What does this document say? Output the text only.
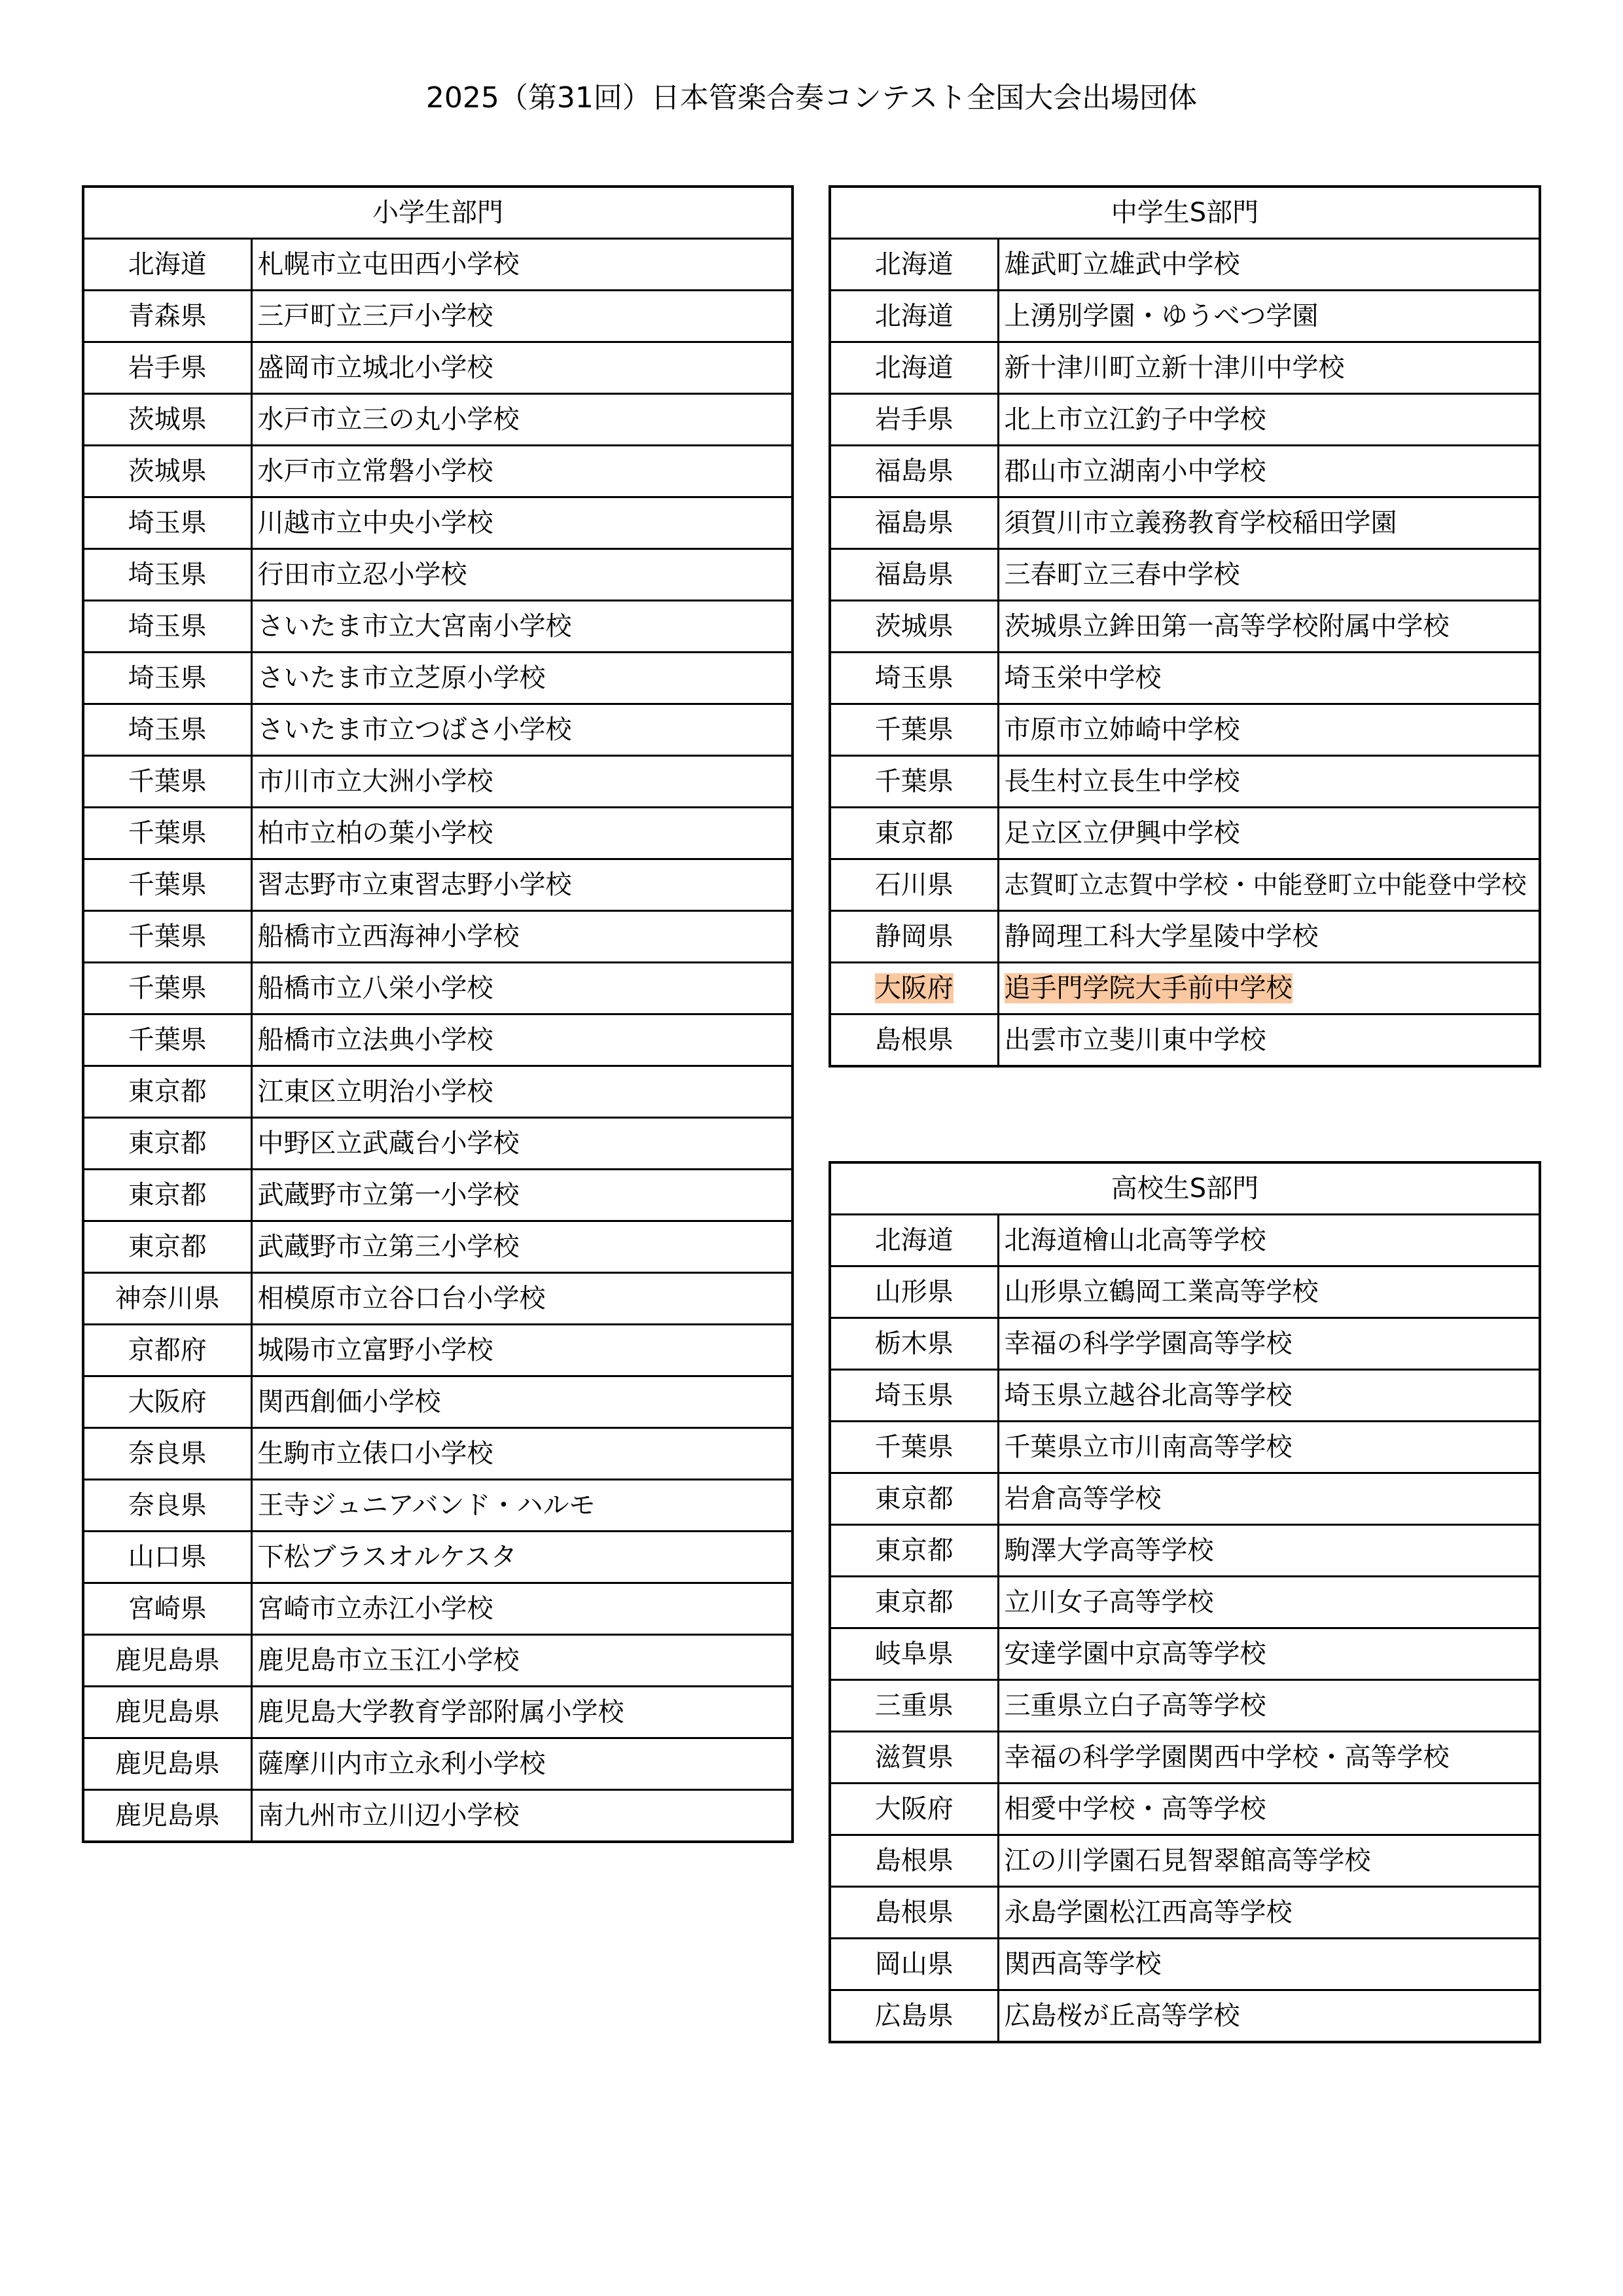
2025（第31回）日本管楽合奏コンテスト全国大会出場団体
小学生部門	
北海道	札幌市立屯田西小学校
青森県	三戸町立三戸小学校
岩手県	盛岡市立城北小学校
茨城県	水戸市立三の丸小学校
茨城県	水戸市立常磐小学校
埼玉県	川越市立中央小学校
埼玉県	行田市立忍小学校
埼玉県	さいたま市立大宮南小学校
埼玉県	さいたま市立芝原小学校
埼玉県	さいたま市立つばさ小学校
千葉県	市川市立大洲小学校
千葉県	柏市立柏の葉小学校
千葉県	習志野市立東習志野小学校
千葉県	船橋市立西海神小学校
千葉県	船橋市立八栄小学校
千葉県	船橋市立法典小学校
東京都	江東区立明治小学校
東京都	中野区立武蔵台小学校
東京都	武蔵野市立第一小学校
東京都	武蔵野市立第三小学校
神奈川県	相模原市立谷口台小学校
京都府	城陽市立富野小学校
大阪府	関西創価小学校
奈良県	生駒市立俵口小学校
奈良県	王寺ジュニアバンド・ハルモ
山口県	下松ブラスオルケスタ
宮崎県	宮崎市立赤江小学校
鹿児島県	鹿児島市立玉江小学校
鹿児島県	鹿児島大学教育学部附属小学校
鹿児島県	薩摩川内市立永利小学校
鹿児島県	南九州市立川辺小学校
中学生S部門	
北海道	雄武町立雄武中学校
北海道	上湧別学園・ゆうべつ学園
北海道	新十津川町立新十津川中学校
岩手県	北上市立江釣子中学校
福島県	郡山市立湖南小中学校
福島県	須賀川市立義務教育学校稲田学園
福島県	三春町立三春中学校
茨城県	茨城県立鉾田第一高等学校附属中学校
埼玉県	埼玉栄中学校
千葉県	市原市立姉崎中学校
千葉県	長生村立長生中学校
東京都	足立区立伊興中学校
石川県	志賀町立志賀中学校・中能登町立中能登中学校
静岡県	静岡理工科大学星陵中学校
大阪府	追手門学院大手前中学校
島根県	出雲市立斐川東中学校
高校生S部門	
北海道	北海道檜山北高等学校
山形県	山形県立鶴岡工業高等学校
栃木県	幸福の科学学園高等学校
埼玉県	埼玉県立越谷北高等学校
千葉県	千葉県立市川南高等学校
東京都	岩倉高等学校
東京都	駒澤大学高等学校
東京都	立川女子高等学校
岐阜県	安達学園中京高等学校
三重県	三重県立白子高等学校
滋賀県	幸福の科学学園関西中学校・高等学校
大阪府	相愛中学校・高等学校
島根県	江の川学園石見智翠館高等学校
島根県	永島学園松江西高等学校
岡山県	関西高等学校
広島県	広島桜が丘高等学校
